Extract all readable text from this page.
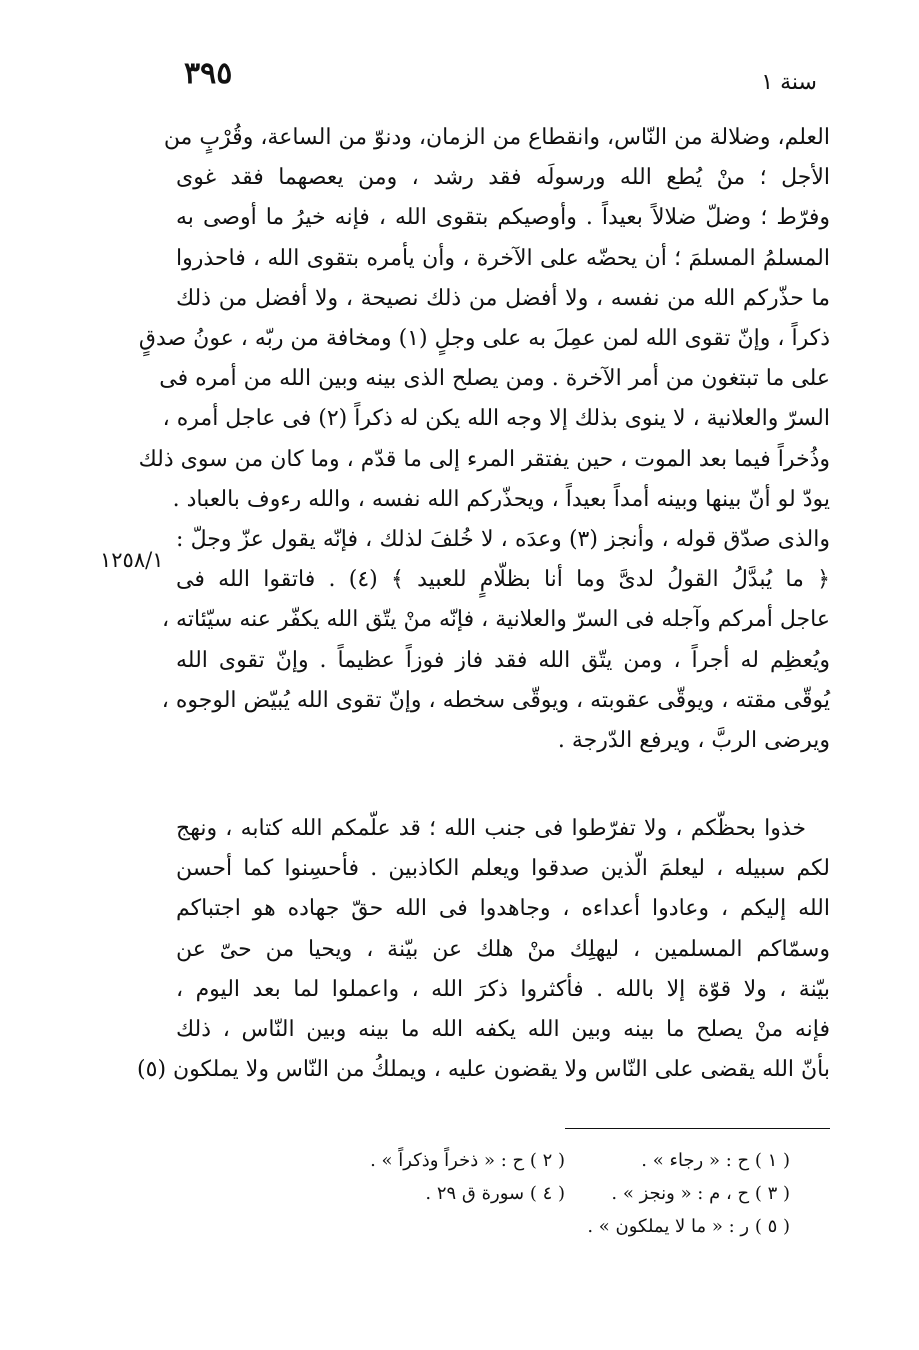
٣٩٥	سنة ١
العلم، وضلالة من النّاس، وانقطاع من الزمان، ودنوّ من الساعة، وقُرْبٍ من
الأجل ؛ منْ يُطع الله ورسولَه فقد رشد ، ومن يعصهما فقد غوى
وفرّط ؛ وضلّ ضلالاً بعيداً . وأوصيكم بتقوى الله ، فإنه خيرُ ما أوصى به
المسلمُ المسلمَ ؛ أن يحضّه على الآخرة ، وأن يأمره بتقوى الله ، فاحذروا
ما حذّركم الله من نفسه ، ولا أفضل من ذلك نصيحة ، ولا أفضل من ذلك
ذكراً ، وإنّ تقوى الله لمن عمِلَ به على وجلٍ (١) ومخافة من ربّه ، عونُ صدقٍ
على ما تبتغون من أمر الآخرة . ومن يصلح الذى بينه وبين الله من أمره فى
السرّ والعلانية ، لا ينوى بذلك إلا وجه الله يكن له ذكراً (٢) فى عاجل أمره ،
وذُخراً فيما بعد الموت ، حين يفتقر المرء إلى ما قدّم ، وما كان من سوى ذلك
يودّ لو أنّ بينها وبينه أمداً بعيداً ، ويحذّركم الله نفسه ، والله رءوف بالعباد .
والذى صدّق قوله ، وأنجز (٣) وعدَه ، لا خُلفَ لذلك ، فإنّه يقول عزّ وجلّ :
﴿ ما يُبدَّلُ القولُ لدىَّ وما أنا بظلّامٍ للعبيد ﴾ (٤) . فاتقوا الله فى
عاجل أمركم وآجله فى السرّ والعلانية ، فإنّه منْ يتّق الله يكفّر عنه سيّئاته ،
ويُعظِم له أجراً ، ومن يتّق الله فقد فاز فوزاً عظيماً . وإنّ تقوى الله
يُوقّى مقته ، ويوقّى عقوبته ، ويوقّى سخطه ، وإنّ تقوى الله يُبيّض الوجوه ،
ويرضى الربَّ ، ويرفع الدّرجة .
١٢٥٨/١
خذوا بحظّكم ، ولا تفرّطوا فى جنب الله ؛ قد علّمكم الله كتابه ، ونهج
لكم سبيله ، ليعلمَ الّذين صدقوا ويعلم الكاذبين . فأحسِنوا كما أحسن
الله إليكم ، وعادوا أعداءه ، وجاهدوا فى الله حقّ جهاده هو اجتباكم
وسمّاكم المسلمين ، ليهلِك منْ هلك عن بيّنة ، ويحيا من حىّ عن
بيّنة ، ولا قوّة إلا بالله . فأكثروا ذكرَ الله ، واعملوا لما بعد اليوم ،
فإنه منْ يصلح ما بينه وبين الله يكفه الله ما بينه وبين النّاس ، ذلك
بأنّ الله يقضى على النّاس ولا يقضون عليه ، ويملكُ من النّاس ولا يملكون (٥)
( ١ ) ح : « رجاء » .
( ٢ ) ح : « ذخراً وذكراً » .
( ٣ ) ح ، م : « ونجز » .
( ٤ ) سورة ق ٢٩ .
( ٥ ) ر : « ما لا يملكون » .
